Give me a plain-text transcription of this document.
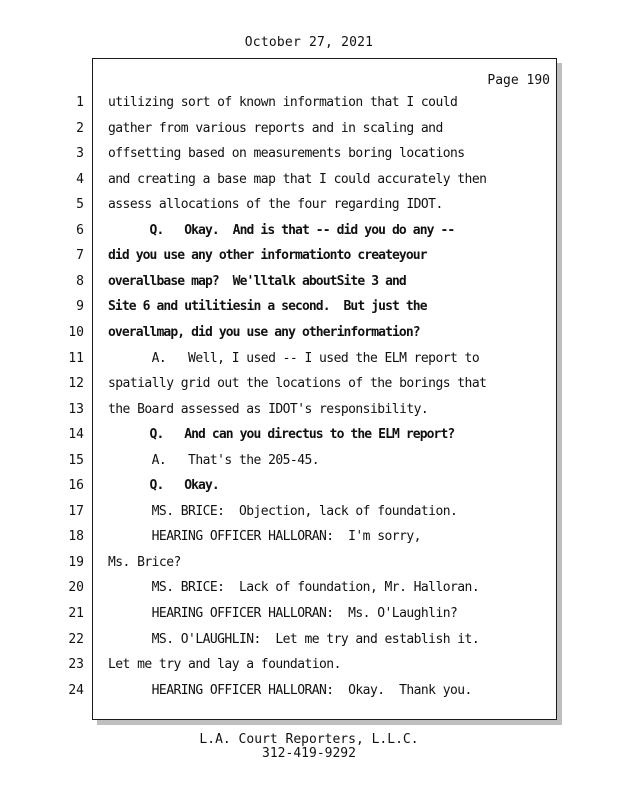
October 27, 2021
Page 190
1 utilizing sort of known information that I could
2 gather from various reports and in scaling and
3 offsetting based on measurements boring locations
4 and creating a base map that I could accurately then
5 assess allocations of the four regarding IDOT.
6 Q.   Okay.  And is that -- did you do any --
7 did you use any other informationto createyour
8 overallbase map?  We'lltalk aboutSite 3 and
9 Site 6 and utilitiesin a second.  But just the
10 overallmap, did you use any otherinformation?
11 A.   Well, I used -- I used the ELM report to
12 spatially grid out the locations of the borings that
13 the Board assessed as IDOT's responsibility.
14 Q.   And can you directus to the ELM report?
15 A.   That's the 205-45.
16 Q.   Okay.
17 MS. BRICE:  Objection, lack of foundation.
18 HEARING OFFICER HALLORAN:  I'm sorry,
19 Ms. Brice?
20 MS. BRICE:  Lack of foundation, Mr. Halloran.
21 HEARING OFFICER HALLORAN:  Ms. O'Laughlin?
22 MS. O'LAUGHLIN:  Let me try and establish it.
23 Let me try and lay a foundation.
24 HEARING OFFICER HALLORAN:  Okay.  Thank you.
L.A. Court Reporters, L.L.C.
312-419-9292
